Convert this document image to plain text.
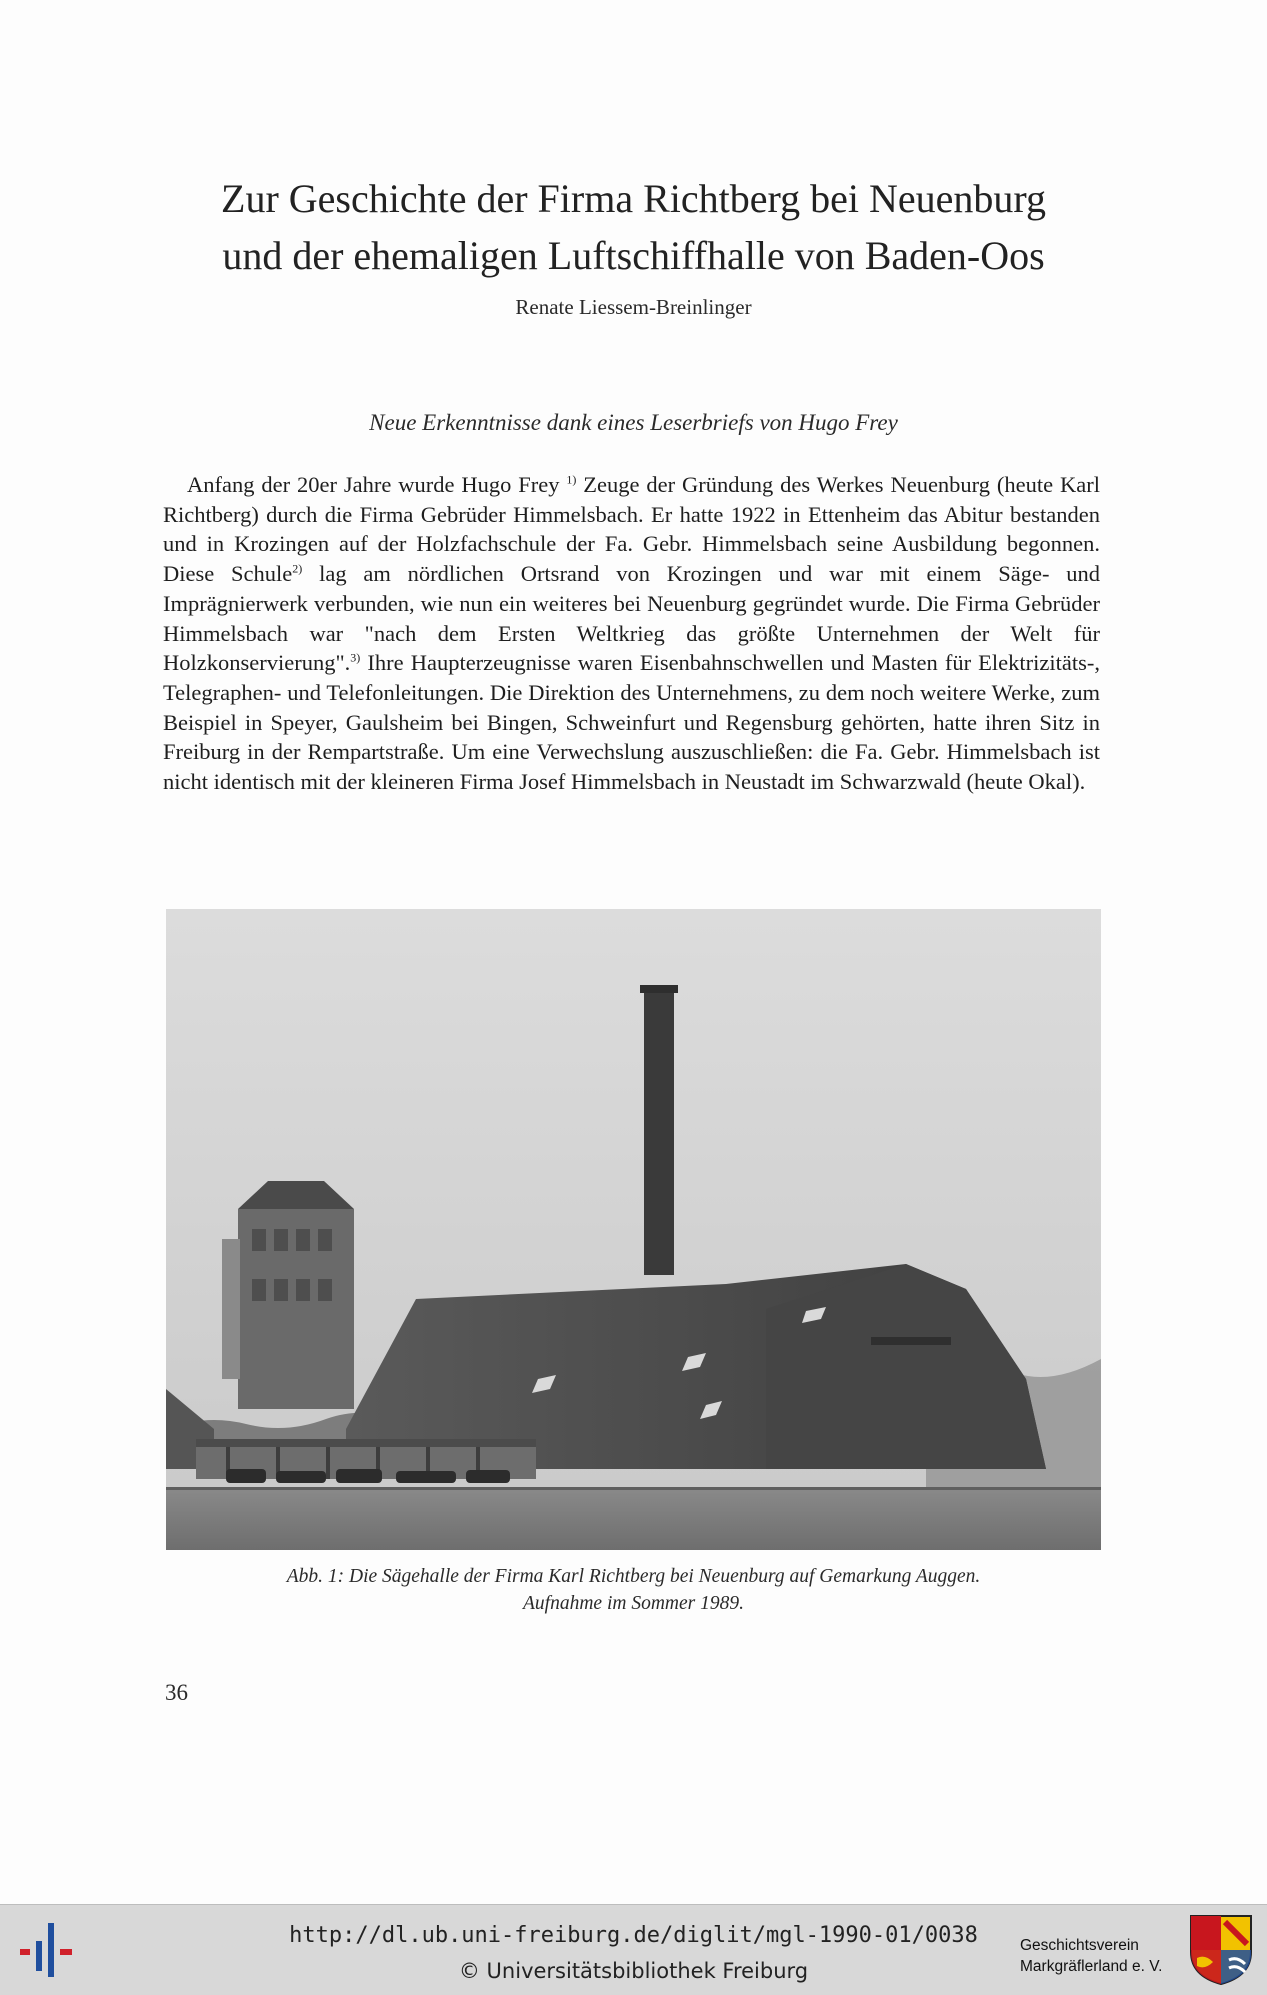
Zur Geschichte der Firma Richtberg bei Neuenburg
und der ehemaligen Luftschiffhalle von Baden-Oos
Renate Liessem-Breinlinger
Neue Erkenntnisse dank eines Leserbriefs von Hugo Frey

Anfang der 20er Jahre wurde Hugo Frey $^{1)}$ Zeuge der Gründung des Werkes Neuenburg (heute Karl Richtberg) durch die Firma Gebrüder Himmelsbach. Er hatte 1922 in Ettenheim das Abitur bestanden und in Krozingen auf der Holzfachschule der Fa. Gebr. Himmelsbach seine Ausbildung begonnen. Diese Schule$^{2)}$ lag am nördlichen Ortsrand von Krozingen und war mit einem Säge- und Imprägnierwerk verbunden, wie nun ein weiteres bei Neuenburg gegründet wurde. Die Firma Gebrüder Himmelsbach war "nach dem Ersten Weltkrieg das größte Unternehmen der Welt für Holzkonservierung".$^{3)}$ Ihre Haupterzeugnisse waren Eisenbahnschwellen und Masten für Elektrizitäts-, Telegraphen- und Telefonleitungen. Die Direktion des Unternehmens, zu dem noch weitere Werke, zum Beispiel in Speyer, Gaulsheim bei Bingen, Schweinfurt und Regensburg gehörten, hatte ihren Sitz in Freiburg in der Rempartstraße. Um eine Verwechslung auszuschließen: die Fa. Gebr. Himmelsbach ist nicht identisch mit der kleineren Firma Josef Himmelsbach in Neustadt im Schwarzwald (heute Okal).

Abb. 1: Die Sägehalle der Firma Karl Richtberg bei Neuenburg auf Gemarkung Auggen.
Aufnahme im Sommer 1989.
36
http://dl.ub.uni-freiburg.de/diglit/mgl-1990-01/0038
© Universitätsbibliothek Freiburg
Geschichtsverein
Markgräflerland e. V.
